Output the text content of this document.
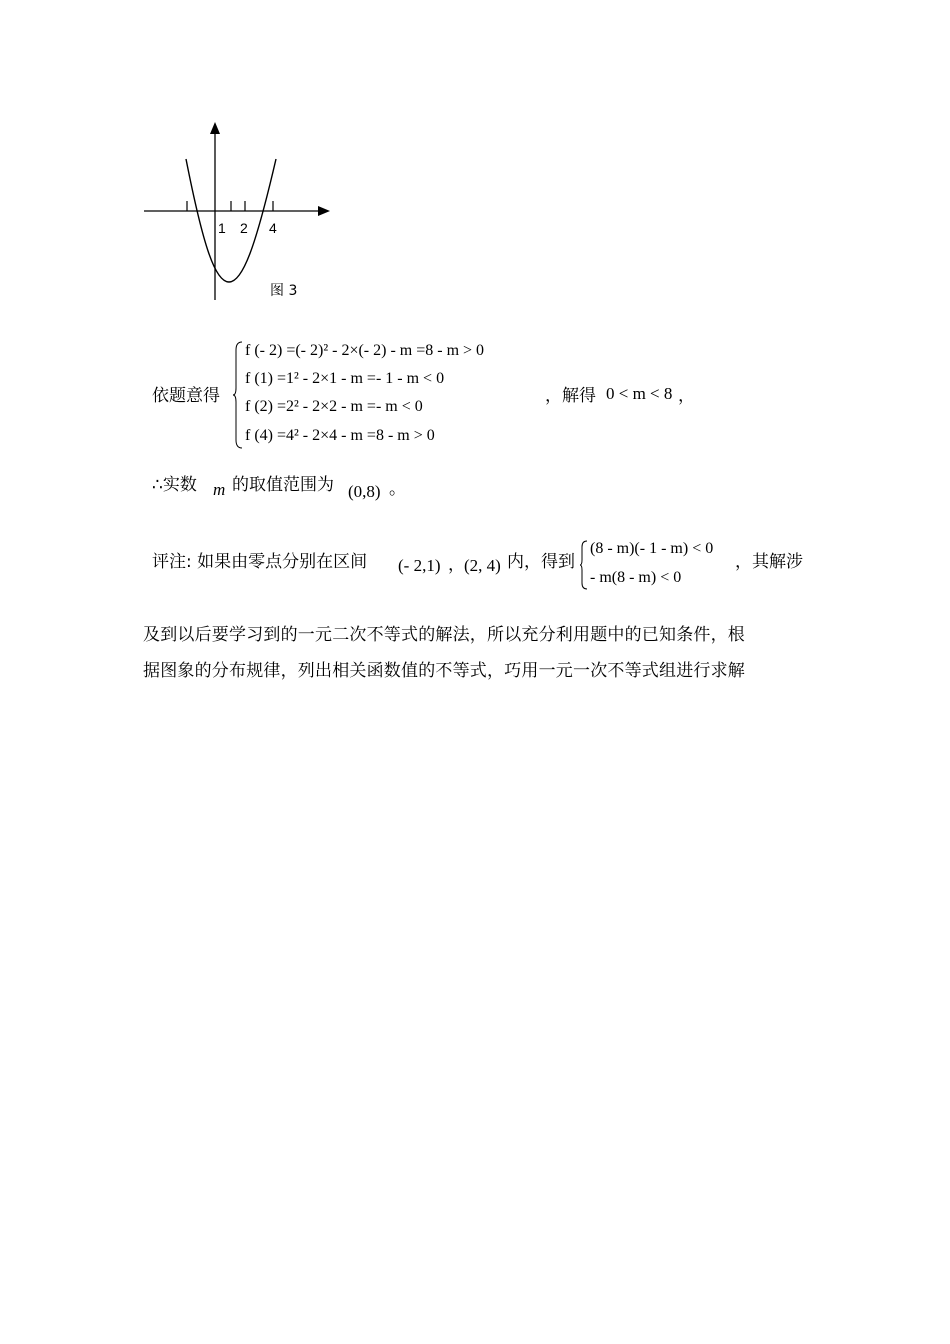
1 2 4
图 3
依题意得
f (- 2) =(- 2)² - 2×(- 2) - m =8 - m > 0
f (1) =1² - 2×1 - m =- 1 - m < 0
f (2) =2² - 2×2 - m =- m < 0
f (4) =4² - 2×4 - m =8 - m > 0
，解得 0 < m < 8 ，
∴实数 m 的取值范围为 (0,8) 。
评注: 如果由零点分别在区间 (- 2,1) ， (2, 4) 内，得到
(8 - m)(- 1 - m) < 0
- m(8 - m) < 0
，其解涉
及到以后要学习到的一元二次不等式的解法，所以充分利用题中的已知条件，根
据图象的分布规律，列出相关函数值的不等式，巧用一元一次不等式组进行求解
